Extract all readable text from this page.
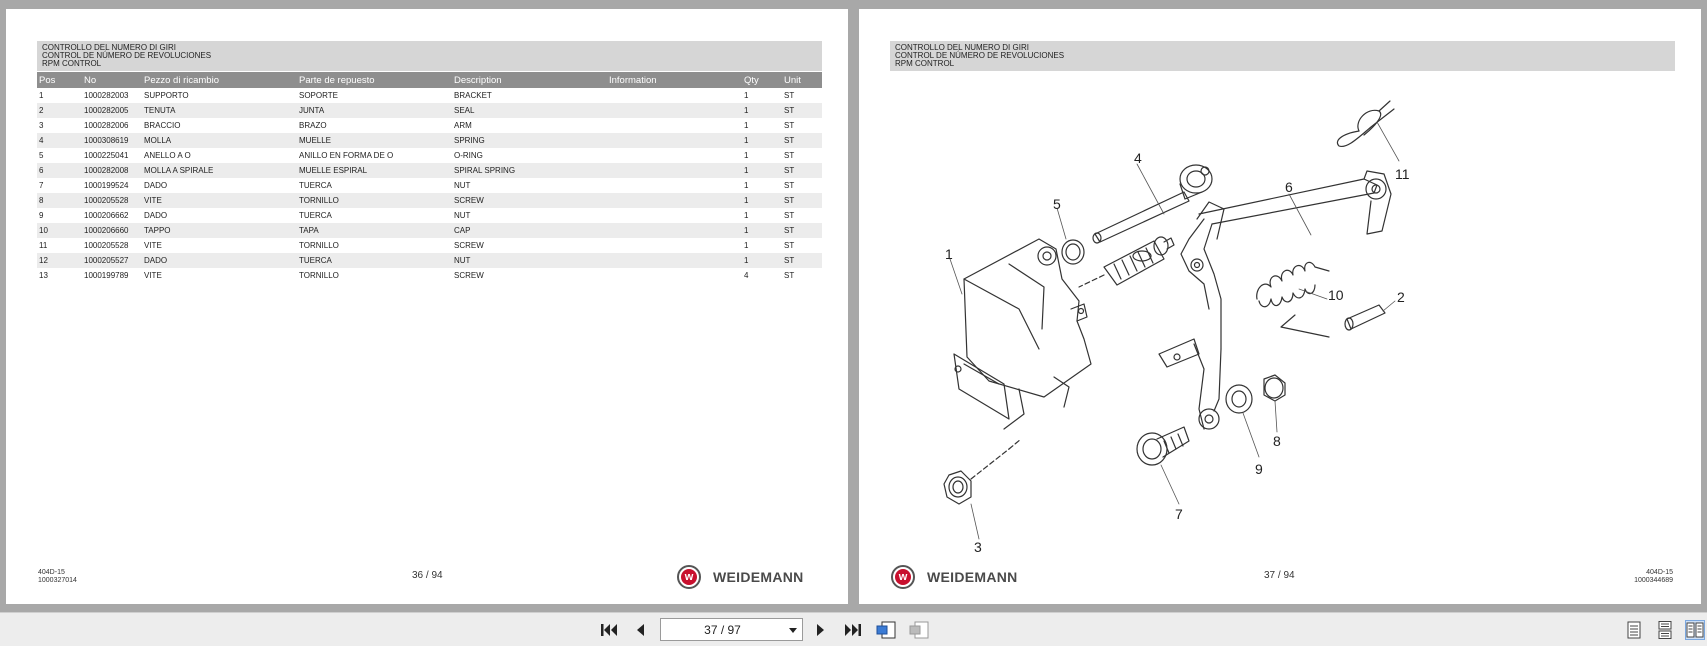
CONTROLLO DEL NUMERO DI GIRI
CONTROL DE NÚMERO DE REVOLUCIONES
RPM CONTROL
Pos	No	Pezzo di ricambio	Parte de repuesto	Description	Information	Qty	Unit
1	1000282003	SUPPORTO	SOPORTE	BRACKET		1	ST
2	1000282005	TENUTA	JUNTA	SEAL		1	ST
3	1000282006	BRACCIO	BRAZO	ARM		1	ST
4	1000308619	MOLLA	MUELLE	SPRING		1	ST
5	1000225041	ANELLO A O	ANILLO EN FORMA DE O	O-RING		1	ST
6	1000282008	MOLLA A SPIRALE	MUELLE ESPIRAL	SPIRAL SPRING		1	ST
7	1000199524	DADO	TUERCA	NUT		1	ST
8	1000205528	VITE	TORNILLO	SCREW		1	ST
9	1000206662	DADO	TUERCA	NUT		1	ST
10	1000206660	TAPPO	TAPA	CAP		1	ST
11	1000205528	VITE	TORNILLO	SCREW		1	ST
12	1000205527	DADO	TUERCA	NUT		1	ST
13	1000199789	VITE	TORNILLO	SCREW		4	ST
404D-15
1000327014	36 / 94	w WEIDEMANN
CONTROLLO DEL NUMERO DI GIRI
CONTROL DE NÚMERO DE REVOLUCIONES
RPM CONTROL
1
2
3
4
5
6
7
8
9
10
11
w WEIDEMANN	37 / 94	404D-15
1000344689
37 / 97
